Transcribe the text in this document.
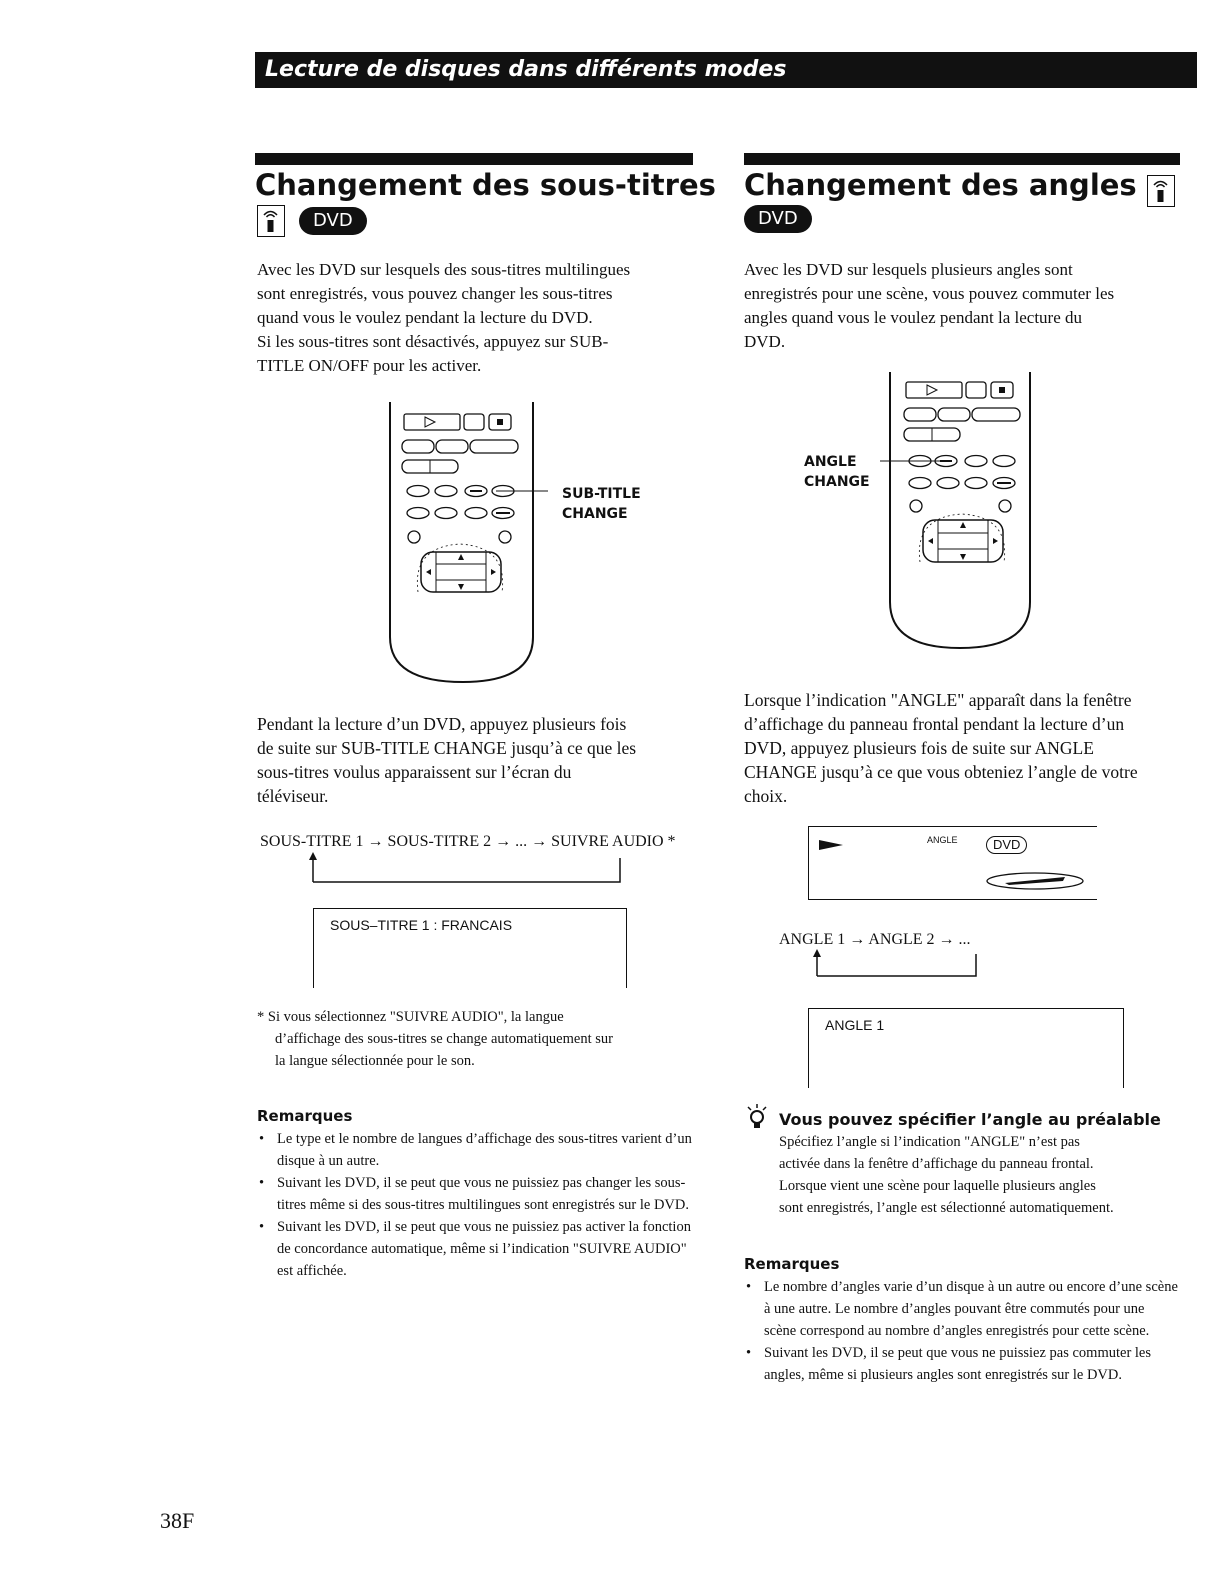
Lecture de disques dans différents modes
Changement des sous-titres
DVD
Avec les DVD sur lesquels des sous-titres multilingues
sont enregistrés, vous pouvez changer les sous-titres
quand vous le voulez pendant la lecture du DVD.
Si les sous-titres sont désactivés, appuyez sur SUB-
TITLE ON/OFF pour les activer.
SUB-TITLE
CHANGE
Pendant la lecture d’un DVD, appuyez plusieurs fois
de suite sur SUB-TITLE CHANGE jusqu’à ce que les
sous-titres voulus apparaissent sur l’écran du
téléviseur.
SOUS-TITRE 1 → SOUS-TITRE 2 → ... → SUIVRE AUDIO *
SOUS–TITRE 1 : FRANCAIS
* Si vous sélectionnez "SUIVRE AUDIO", la langue
d’affichage des sous-titres se change automatiquement sur
la langue sélectionnée pour le son.
Remarques
• Le type et le nombre de langues d’affichage des sous-titres varient d’un disque à un autre.
• Suivant les DVD, il se peut que vous ne puissiez pas changer les sous-titres même si des sous-titres multilingues sont enregistrés sur le DVD.
• Suivant les DVD, il se peut que vous ne puissiez pas activer la fonction de concordance automatique, même si l’indication "SUIVRE AUDIO" est affichée.
Changement des angles
DVD
Avec les DVD sur lesquels plusieurs angles sont
enregistrés pour une scène, vous pouvez commuter les
angles quand vous le voulez pendant la lecture du
DVD.
ANGLE
CHANGE
Lorsque l’indication "ANGLE" apparaît dans la fenêtre
d’affichage du panneau frontal pendant la lecture d’un
DVD, appuyez plusieurs fois de suite sur ANGLE
CHANGE jusqu’à ce que vous obteniez l’angle de votre
choix.
ANGLE	DVD
ANGLE 1 → ANGLE 2 → ...
ANGLE 1
Vous pouvez spécifier l’angle au préalable
Spécifiez l’angle si l’indication "ANGLE" n’est pas
activée dans la fenêtre d’affichage du panneau frontal.
Lorsque vient une scène pour laquelle plusieurs angles
sont enregistrés, l’angle est sélectionné automatiquement.
Remarques
• Le nombre d’angles varie d’un disque à un autre ou encore d’une scène à une autre. Le nombre d’angles pouvant être commutés pour une scène correspond au nombre d’angles enregistrés pour cette scène.
• Suivant les DVD, il se peut que vous ne puissiez pas commuter les angles, même si plusieurs angles sont enregistrés sur le DVD.
38F
